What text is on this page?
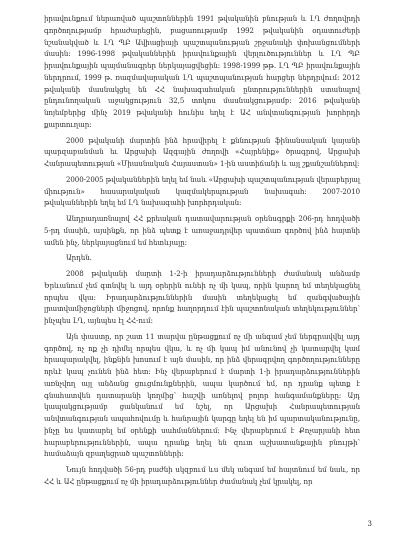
իրավունքում ներառված պաշտոններին 1991 թվականին բնության և ԼՂ ժողովրդի գործողությամբ հրաժարեցին, բացառությամբ 1992 թվականին օդատուժերի նշանակված և ԼՂ ՊԲ Ավիացիայի պաշտպանության շրջանակի փոխանցումների մասին։ 1996-1998 թվականներին իրավունքային վերլուծություններ և ԼՂ ՊԲ իրավունքային պայմանագրեր ներկայացվեցին։ 1998-1999 թթ. ԼՂ ՊԲ իրավունքային ներդրում, 1999 թ. ռազմավարական ԼՂ պաշտպանության հարցեր ներդրվում։ 2012 թվականի մասնակցել են ՀՀ նախագահական ընտրություններին ստանալով ընդունողական աջակցություն 32,5 տոկոս մասնակցությամբ։ 2016 թվականի նոյեմբերից մինչ 2019 թվականի հունիս եղել է ԱՀ անվտանգության խորհրդի քարտուղար։

2000 թվականի մարտին ինձ հրավիրել է քննության ֆինանսական կայանի պարզաբանման եւ Արցախի Ազգային ժողովի «Հայրենիք» ծրագրով, Արցախի Հանրապետության «Միասնական Հայաստան» 1-ին աստիճանի և այլ շքանշաններով։

2000-2005 թվականներին եղել եմ նաև «Արցախի պաշտպանության վերաբերյալ միություն» հասարակական կազմակերպության նախագահ։ 2007-2010 թվականներին եղել եմ ԼՂ նախագահի խորհրդական։

Անդրադառնալով ՀՀ քրեական դատավարության օրենսգրքի 206-րդ հոդվածի 5-րդ մասին, այսինքն, որ ինձ պետք է առաջադրվեր պատճառ գործով ինձ հայտնի ամեն ինչ, ներկայացնում եմ հետևյալը։

Արդեն.

2008 թվականի մարտի 1-2-ի իրադարձությունների ժամանակ անձամբ Երևանում չեմ գտնվել և այդ օրերին ունեի ոչ մի կապ, որին կարող եմ տեղեկացնել որպես վկա։ Իրադարձություններին մասին տեղեկացել եմ զանգվածային լրատվամիջոցների միջոցով, որոնք հաղորդում էին պաշտոնական տեղեկություններ՝ ինչպես ԼՂ, այնպես էլ ՀՀ-ում։

Այն փաստը, որ շատ 11 տարվա ընթացքում ոչ մի անգամ չեմ ներգրավվել այդ գործով, ոչ ոք չի դիմել որպես վկա, և ոչ մի կապ իմ անունով չի կատարվել կամ հրապարակվել, ինքնին խոսում է այն մասին, որ ինձ վերագրվող գործողությունները որևէ կապ չունեն ինձ հետ։ Ինչ վերաբերում է մարտի 1-ի իրադարձություններին առնչվող այլ անձանց ցուցմունքներին, ապա կարծում եմ, որ դրանք պետք է գնահատվեն դատարանի կողմից՝ հաշվի առնելով բոլոր հանգամանքները։ Այդ կապակցությամբ ցանկանում եմ նշել, որ Արցախի Հանրապետության անվտանգության ապահովումը և հանրային կարգը եղել են իմ պարտականությունը, ինչը ես կատարել եմ օրենքի սահմաններում։ Ինչ վերաբերում է Քոչարյանի հետ հարաբերություններին, ապա դրանք եղել են զուտ աշխատանքային բնույթի՝ համաձայն զբաղեցրած պաշտոնների։

Նույն հոդվածի 56-րդ բաժնի սկզբում ևս մեկ անգամ եմ հայտնում եմ նաև, որ ՀՀ և ԱՀ ընթացքում ոչ մի իրադարձություններ ժամանակ չեմ կրակել, որ

3
